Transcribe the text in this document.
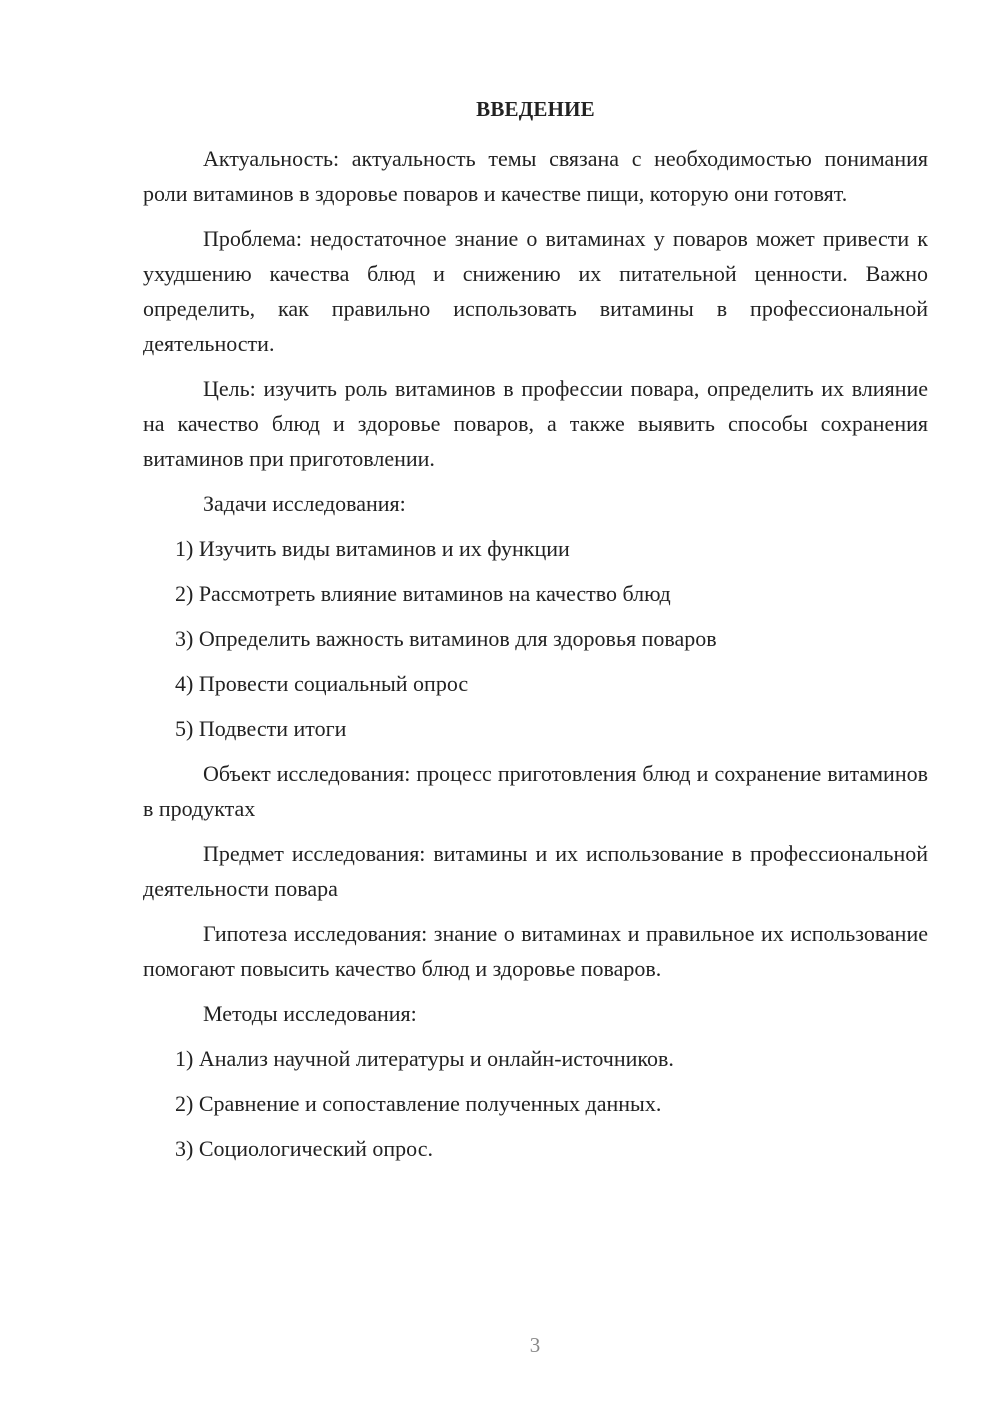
ВВЕДЕНИЕ

Актуальность: актуальность темы связана с необходимостью понимания роли витаминов в здоровье поваров и качестве пищи, которую они готовят.

Проблема: недостаточное знание о витаминах у поваров может привести к ухудшению качества блюд и снижению их питательной ценности. Важно определить, как правильно использовать витамины в профессиональной деятельности.

Цель: изучить роль витаминов в профессии повара, определить их влияние на качество блюд и здоровье поваров, а также выявить способы сохранения витаминов при приготовлении.

Задачи исследования:

1) Изучить виды витаминов и их функции
2) Рассмотреть влияние витаминов на качество блюд
3) Определить важность витаминов для здоровья поваров
4) Провести социальный опрос
5) Подвести итоги

Объект исследования: процесс приготовления блюд и сохранение витаминов в продуктах

Предмет исследования: витамины и их использование в профессиональной деятельности повара

Гипотеза исследования: знание о витаминах и правильное их использование помогают повысить качество блюд и здоровье поваров.

Методы исследования:

1) Анализ научной литературы и онлайн-источников.
2) Сравнение и сопоставление полученных данных.
3) Социологический опрос.
3
